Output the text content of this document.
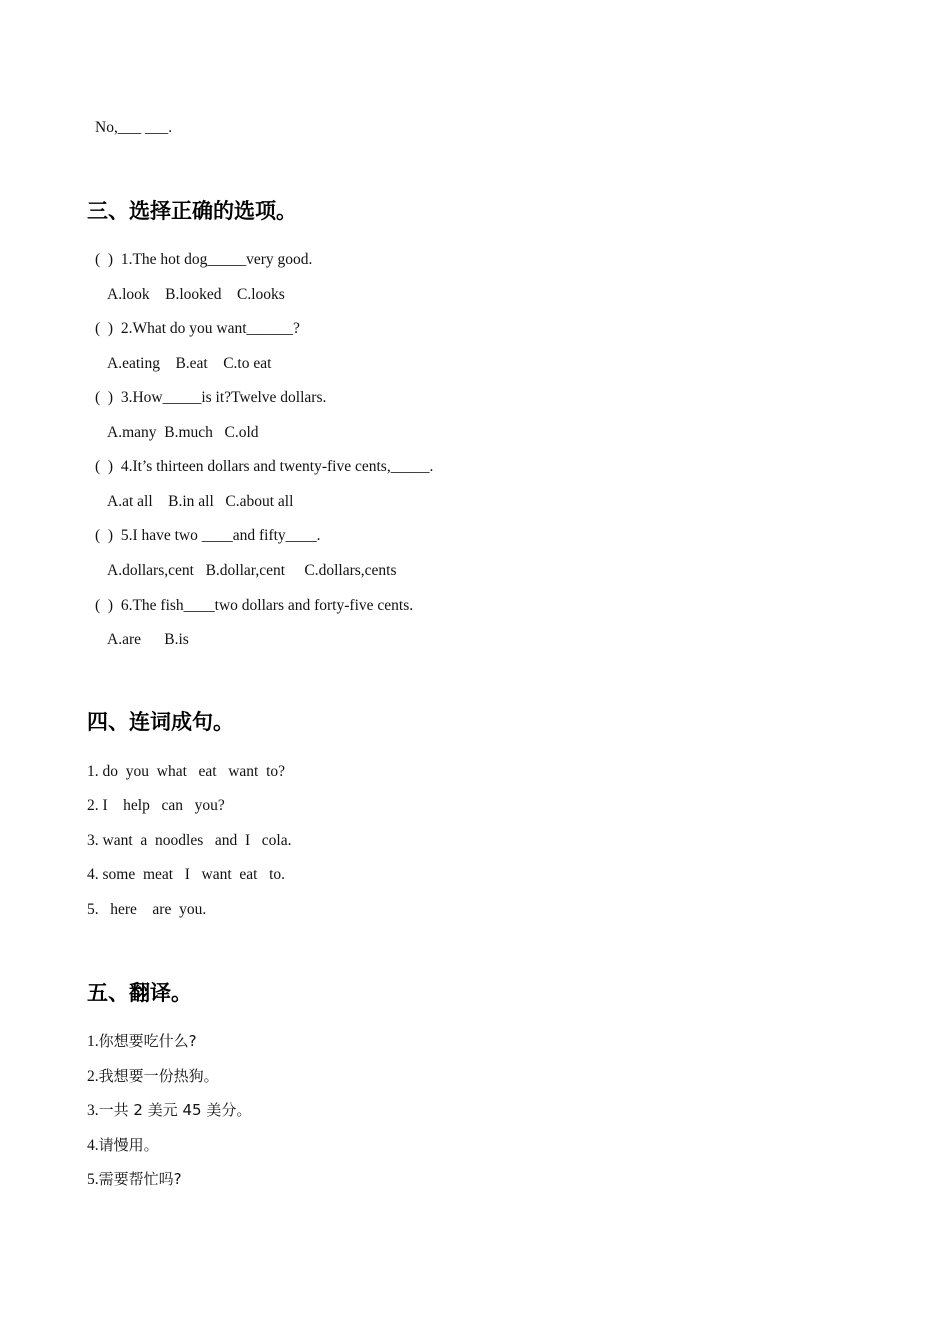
No,___ ___.
三、选择正确的选项。
(  )  1.The hot dog_____very good.
A.look    B.looked    C.looks
(  )  2.What do you want______?
A.eating    B.eat    C.to eat
(  )  3.How_____is it?Twelve dollars.
A.many  B.much   C.old
(  )  4.It’s thirteen dollars and twenty-five cents,_____.
A.at all    B.in all   C.about all
(  )  5.I have two ____and fifty____.
A.dollars,cent   B.dollar,cent     C.dollars,cents
(  )  6.The fish____two dollars and forty-five cents.
A.are      B.is
四、连词成句。
1. do  you  what   eat   want  to?
2. I    help   can   you?
3. want  a  noodles   and  I   cola.
4. some  meat   I   want  eat   to.
5.   here    are  you.
五、翻译。
1.你想要吃什么?
2.我想要一份热狗。
3.一共 2 美元 45 美分。
4.请慢用。
5.需要帮忙吗?
